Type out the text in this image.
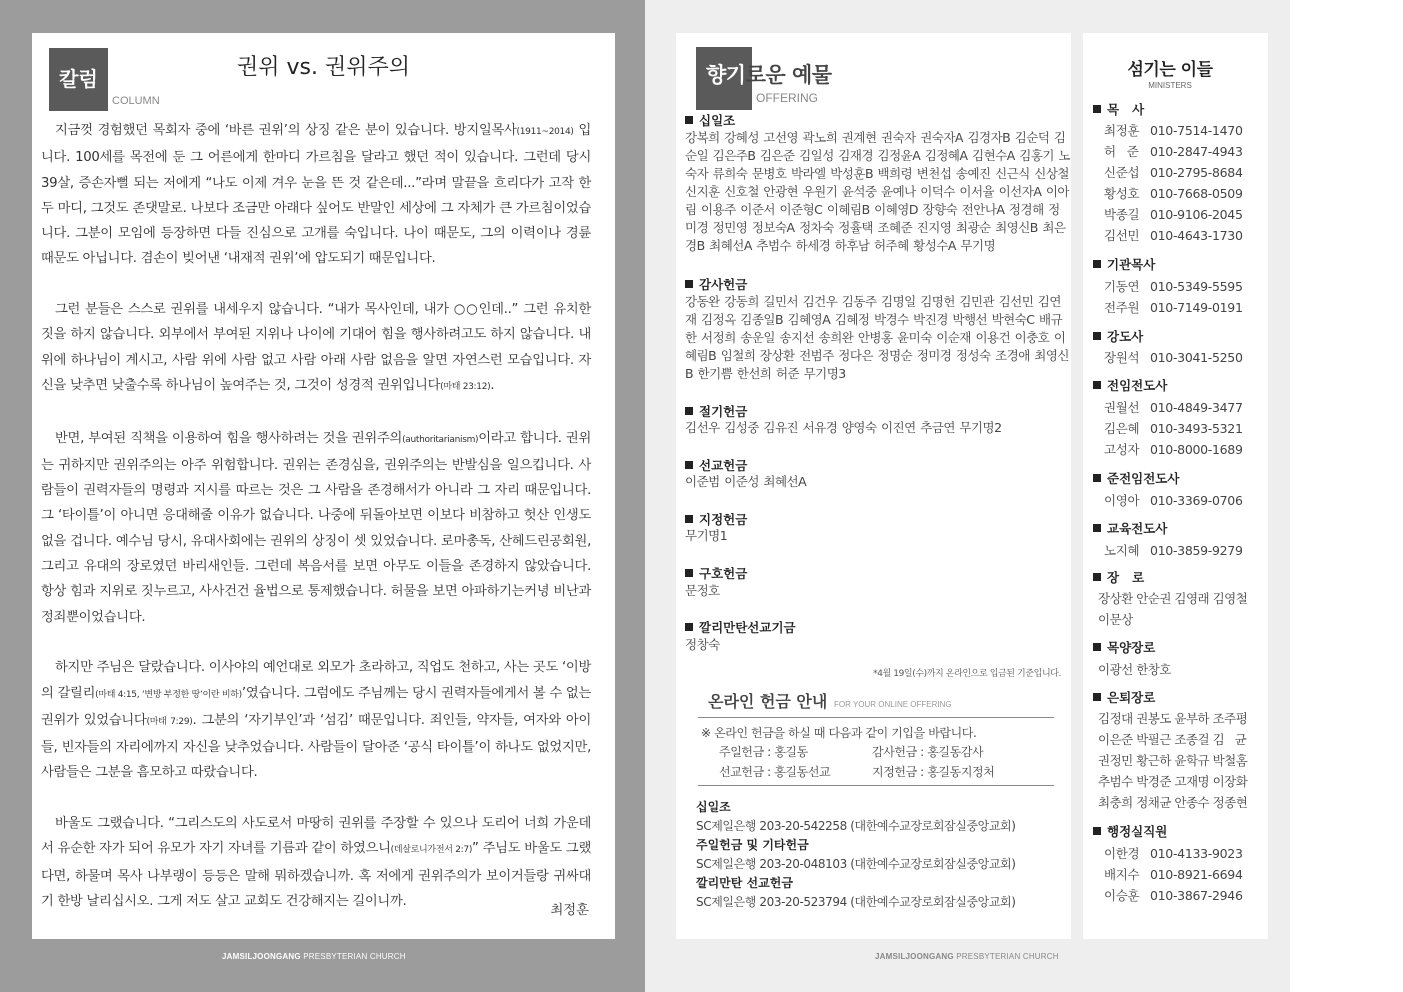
칼럼
COLUMN
권위 vs. 권위주의

지금껏 경험했던 목회자 중에 ‘바른 권위’의 상징 같은 분이 있습니다. 방지일목사(1911~2014) 입니다. 100세를 목전에 둔 그 어른에게 한마디 가르침을 달라고 했던 적이 있습니다. 그런데 당시 39살, 증손자뻘 되는 저에게 “나도 이제 겨우 눈을 뜬 것 같은데...”라며 말끝을 흐리다가 고작 한두 마디, 그것도 존댓말로. 나보다 조금만 아래다 싶어도 반말인 세상에 그 자체가 큰 가르침이었습니다. 그분이 모임에 등장하면 다들 진심으로 고개를 숙입니다. 나이 때문도, 그의 이력이나 경륜 때문도 아닙니다. 겸손이 빚어낸 ‘내재적 권위’에 압도되기 때문입니다.

그런 분들은 스스로 권위를 내세우지 않습니다. “내가 목사인데, 내가 ○○인데..” 그런 유치한 짓을 하지 않습니다. 외부에서 부여된 지위나 나이에 기대어 힘을 행사하려고도 하지 않습니다. 내 위에 하나님이 계시고, 사람 위에 사람 없고 사람 아래 사람 없음을 알면 자연스런 모습입니다. 자신을 낮추면 낮출수록 하나님이 높여주는 것, 그것이 성경적 권위입니다(마태 23:12).

반면, 부여된 직책을 이용하여 힘을 행사하려는 것을 권위주의(authoritarianism)이라고 합니다. 권위는 귀하지만 권위주의는 아주 위험합니다. 권위는 존경심을, 권위주의는 반발심을 일으킵니다. 사람들이 권력자들의 명령과 지시를 따르는 것은 그 사람을 존경해서가 아니라 그 자리 때문입니다. 그 ‘타이틀’이 아니면 응대해줄 이유가 없습니다. 나중에 뒤돌아보면 이보다 비참하고 헛산 인생도 없을 겁니다. 예수님 당시, 유대사회에는 권위의 상징이 셋 있었습니다. 로마총독, 산헤드린공회원, 그리고 유대의 장로였던 바리새인들. 그런데 복음서를 보면 아무도 이들을 존경하지 않았습니다. 항상 힘과 지위로 짓누르고, 사사건건 율법으로 통제했습니다. 허물을 보면 아파하기는커녕 비난과 정죄뿐이었습니다.

하지만 주님은 달랐습니다. 이사야의 예언대로 외모가 초라하고, 직업도 천하고, 사는 곳도 ‘이방의 갈릴리(마태 4:15, ‘변방 부정한 땅’이란 비하)’였습니다. 그럼에도 주님께는 당시 권력자들에게서 볼 수 없는 권위가 있었습니다(마태 7:29). 그분의 ‘자기부인’과 ‘섬김’ 때문입니다. 죄인들, 약자들, 여자와 아이들, 빈자들의 자리에까지 자신을 낮추었습니다. 사람들이 달아준 ‘공식 타이틀’이 하나도 없었지만, 사람들은 그분을 흠모하고 따랐습니다.

바울도 그랬습니다. “그리스도의 사도로서 마땅히 권위를 주장할 수 있으나 도리어 너희 가운데서 유순한 자가 되어 유모가 자기 자녀를 기름과 같이 하였으니(데살로니가전서 2:7)” 주님도 바울도 그랬다면, 하물며 목사 나부랭이 등등은 말해 뭐하겠습니까. 혹 저에게 권위주의가 보이거들랑 귀싸대기 한방 날리십시오. 그게 저도 살고 교회도 건강해지는 길이니까.

최정훈
향기로운 예물
OFFERING
십일조
강복희 강혜성 고선영 곽노희 권계현 권숙자 권숙자A 김경자B 김순덕 김순일 김은주B 김은준 김일성 김재경 김정윤A 김정혜A 김현수A 김홍기 노숙자 류희숙 문병호 박라엘 박성훈B 백희령 변천섭 송예진 신근식 신상철 신지훈 신호철 안광현 우원기 윤석중 윤예나 이덕수 이서율 이선자A 이아림 이용주 이준서 이준형C 이혜림B 이혜영D 장향숙 전안나A 정경해 정미경 정민영 정보숙A 정차숙 정휼택 조혜준 진지영 최광순 최영신B 최은경B 최혜선A 추범수 하세경 하후남 허주혜 황성수A 무기명
감사헌금
강동완 강동희 길민서 김건우 김동주 김명일 김명헌 김민관 김선민 김연재 김정옥 김종일B 김혜영A 김혜정 박경수 박진경 박행선 박현숙C 배규한 서정희 송운일 송지선 송희완 안병홍 윤미숙 이순재 이용건 이충호 이혜림B 임철희 장상환 전범주 정다은 정명순 정미경 정성숙 조경애 최영신B 한기쁨 한선희 허준 무기명3
절기헌금
김선우 김성중 김유진 서유경 양영숙 이진연 추금연 무기명2
선교헌금
이준범 이준성 최혜선A
지정헌금
무기명1
구호헌금
문정호
깔리만탄선교기금
정창숙
*4월 19일(수)까지 온라인으로 입금된 기준입니다.
온라인 헌금 안내 FOR YOUR ONLINE OFFERING
※ 온라인 헌금을 하실 때 다음과 같이 기입을 바랍니다.
주일헌금 : 홍길동	감사헌금 : 홍길동감사
선교헌금 : 홍길동선교	지정헌금 : 홍길동지정처
십일조
SC제일은행 203-20-542258 (대한예수교장로회잠실중앙교회)
주일헌금 및 기타헌금
SC제일은행 203-20-048103 (대한예수교장로회잠실중앙교회)
깔리만탄 선교헌금
SC제일은행 203-20-523794 (대한예수교장로회잠실중앙교회)
섬기는 이들
MINISTERS
목   사
최정훈 010-7514-1470
허   준 010-2847-4943
신준섭 010-2795-8684
황성호 010-7668-0509
박종길 010-9106-2045
김선민 010-4643-1730
기관목사
기동연 010-5349-5595
전주원 010-7149-0191
강도사
장원석 010-3041-5250
전임전도사
권월선 010-4849-3477
김은혜 010-3493-5321
고성자 010-8000-1689
준전임전도사
이영아 010-3369-0706
교육전도사
노지혜 010-3859-9279
장   로
장상환 안순권 김영래 김영철 이문상
목양장로
이광선 한창호
은퇴장로
김정대 권봉도 윤부하 조주평 이은준 박필근 조종걸 김   균 권정민 황근하 윤학규 박철홈 추범수 박경준 고재명 이장화 최충희 정채균 안종수 정종현
행정실직원
이한경 010-4133-9023
배지수 010-8921-6694
이승훈 010-3867-2946
JAMSILJOONGANG PRESBYTERIAN CHURCH	JAMSILJOONGANG PRESBYTERIAN CHURCH
